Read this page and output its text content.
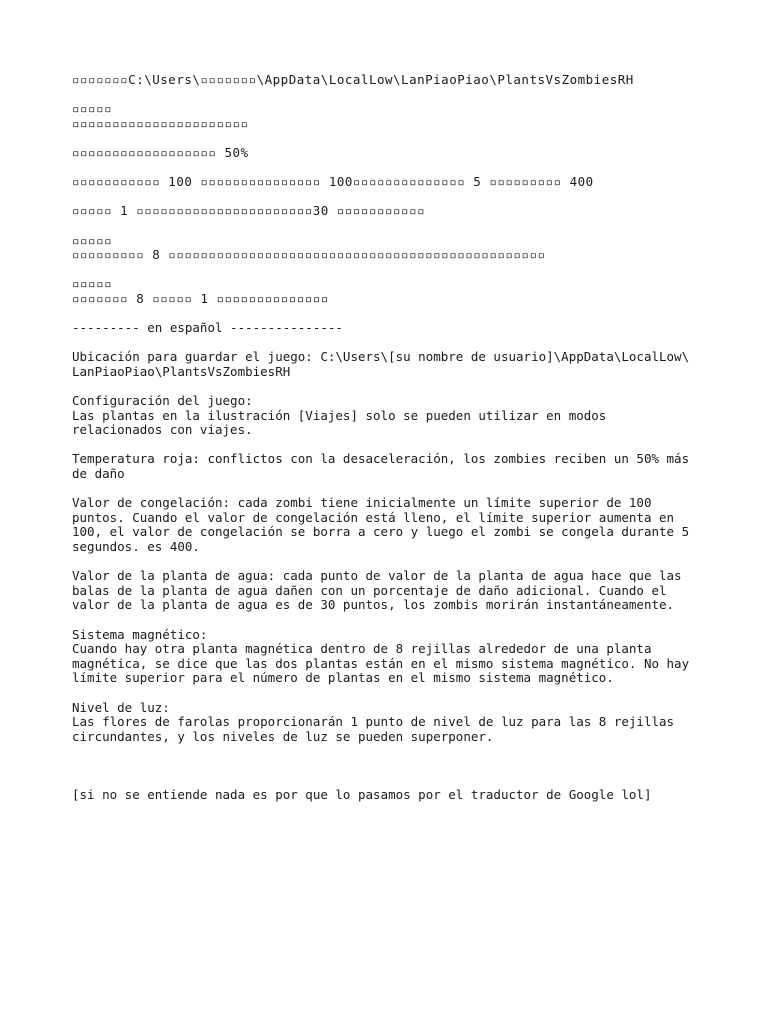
▫▫▫▫▫▫▫C:\Users\▫▫▫▫▫▫▫\AppData\LocalLow\LanPiaoPiao\PlantsVsZombiesRH
▫▫▫▫▫
▫▫▫▫▫▫▫▫▫▫▫▫▫▫▫▫▫▫▫▫▫▫
▫▫▫▫▫▫▫▫▫▫▫▫▫▫▫▫▫▫ 50%
▫▫▫▫▫▫▫▫▫▫▫ 100 ▫▫▫▫▫▫▫▫▫▫▫▫▫▫▫ 100▫▫▫▫▫▫▫▫▫▫▫▫▫▫ 5 ▫▫▫▫▫▫▫▫▫ 400
▫▫▫▫▫ 1 ▫▫▫▫▫▫▫▫▫▫▫▫▫▫▫▫▫▫▫▫▫▫30 ▫▫▫▫▫▫▫▫▫▫▫
▫▫▫▫▫
▫▫▫▫▫▫▫▫▫ 8 ▫▫▫▫▫▫▫▫▫▫▫▫▫▫▫▫▫▫▫▫▫▫▫▫▫▫▫▫▫▫▫▫▫▫▫▫▫▫▫▫▫▫▫▫▫▫▫
▫▫▫▫▫
▫▫▫▫▫▫▫ 8 ▫▫▫▫▫ 1 ▫▫▫▫▫▫▫▫▫▫▫▫▫▫
--------- en español ---------------
Ubicación para guardar el juego: C:\Users\[su nombre de usuario]\AppData\LocalLow\
LanPiaoPiao\PlantsVsZombiesRH
Configuración del juego:
Las plantas en la ilustración [Viajes] solo se pueden utilizar en modos
relacionados con viajes.
Temperatura roja: conflictos con la desaceleración, los zombies reciben un 50% más
de daño
Valor de congelación: cada zombi tiene inicialmente un límite superior de 100
puntos. Cuando el valor de congelación está lleno, el límite superior aumenta en
100, el valor de congelación se borra a cero y luego el zombi se congela durante 5
segundos. es 400.
Valor de la planta de agua: cada punto de valor de la planta de agua hace que las
balas de la planta de agua dañen con un porcentaje de daño adicional. Cuando el
valor de la planta de agua es de 30 puntos, los zombis morirán instantáneamente.
Sistema magnético:
Cuando hay otra planta magnética dentro de 8 rejillas alrededor de una planta
magnética, se dice que las dos plantas están en el mismo sistema magnético. No hay
límite superior para el número de plantas en el mismo sistema magnético.
Nivel de luz:
Las flores de farolas proporcionarán 1 punto de nivel de luz para las 8 rejillas
circundantes, y los niveles de luz se pueden superponer.
[si no se entiende nada es por que lo pasamos por el traductor de Google lol]
